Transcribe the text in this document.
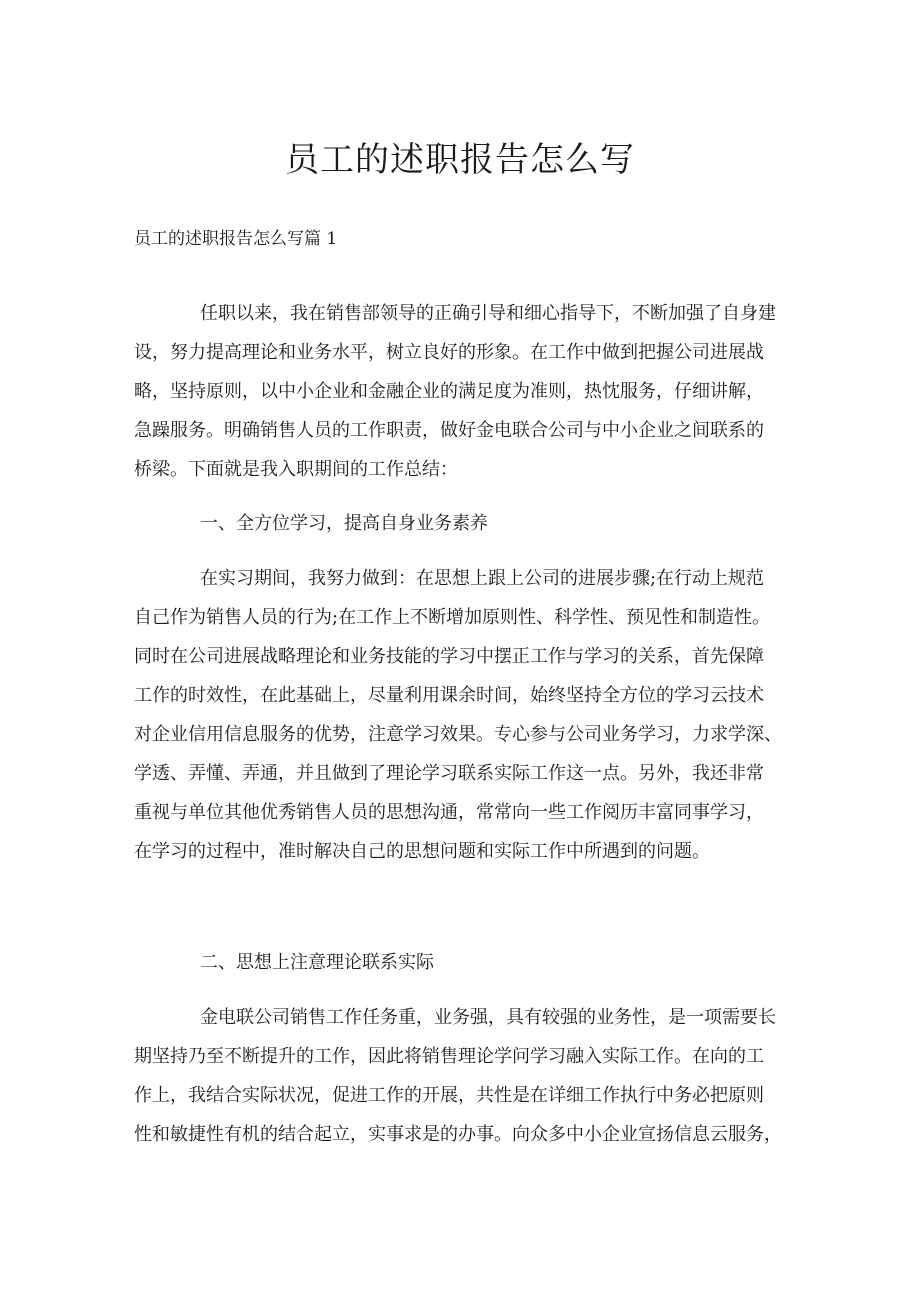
员工的述职报告怎么写

员工的述职报告怎么写篇 1

任职以来，我在销售部领导的正确引导和细心指导下，不断加强了自身建
设，努力提高理论和业务水平，树立良好的形象。在工作中做到把握公司进展战
略，坚持原则，以中小企业和金融企业的满足度为准则，热忱服务，仔细讲解，
急躁服务。明确销售人员的工作职责，做好金电联合公司与中小企业之间联系的
桥梁。下面就是我入职期间的工作总结：
一、全方位学习，提高自身业务素养
在实习期间，我努力做到：在思想上跟上公司的进展步骤;在行动上规范
自己作为销售人员的行为;在工作上不断增加原则性、科学性、预见性和制造性。
同时在公司进展战略理论和业务技能的学习中摆正工作与学习的关系，首先保障
工作的时效性，在此基础上，尽量利用课余时间，始终坚持全方位的学习云技术
对企业信用信息服务的优势，注意学习效果。专心参与公司业务学习，力求学深、
学透、弄懂、弄通，并且做到了理论学习联系实际工作这一点。另外，我还非常
重视与单位其他优秀销售人员的思想沟通，常常向一些工作阅历丰富同事学习，
在学习的过程中，准时解决自己的思想问题和实际工作中所遇到的问题。
二、思想上注意理论联系实际
金电联公司销售工作任务重，业务强，具有较强的业务性，是一项需要长
期坚持乃至不断提升的工作，因此将销售理论学问学习融入实际工作。在向的工
作上，我结合实际状况，促进工作的开展，共性是在详细工作执行中务必把原则
性和敏捷性有机的结合起立，实事求是的办事。向众多中小企业宣扬信息云服务，
